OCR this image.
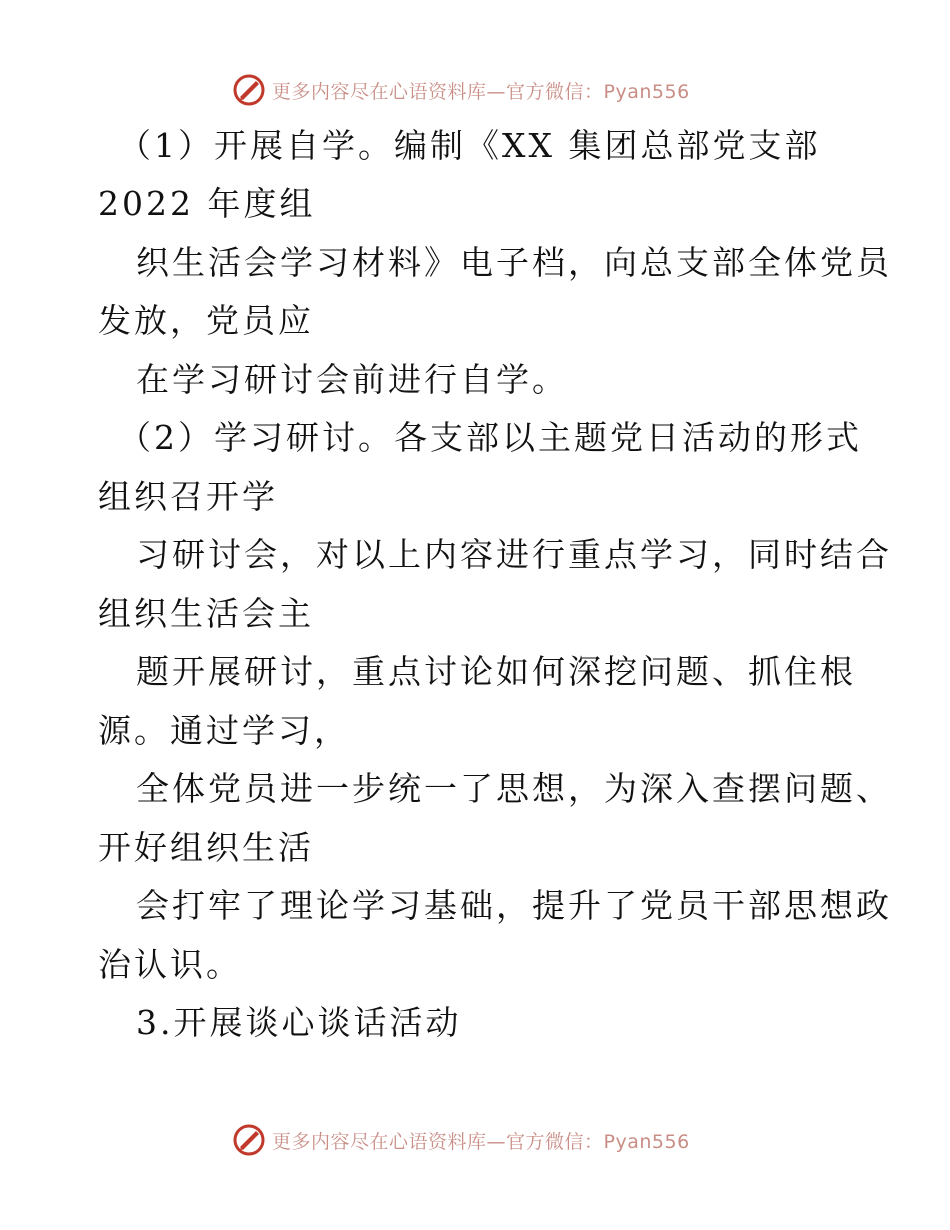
更多内容尽在心语资料库—官方微信：Pyan556
更多内容尽在心语资料库—官方微信：Pyan556
（1）开展自学。编制《XX 集团总部党支部
2022 年度组
织生活会学习材料》电子档，向总支部全体党员
发放，党员应
在学习研讨会前进行自学。
（2）学习研讨。各支部以主题党日活动的形式
组织召开学
习研讨会，对以上内容进行重点学习，同时结合
组织生活会主
题开展研讨，重点讨论如何深挖问题、抓住根
源。通过学习，
全体党员进一步统一了思想，为深入查摆问题、
开好组织生活
会打牢了理论学习基础，提升了党员干部思想政
治认识。
3.开展谈心谈话活动
